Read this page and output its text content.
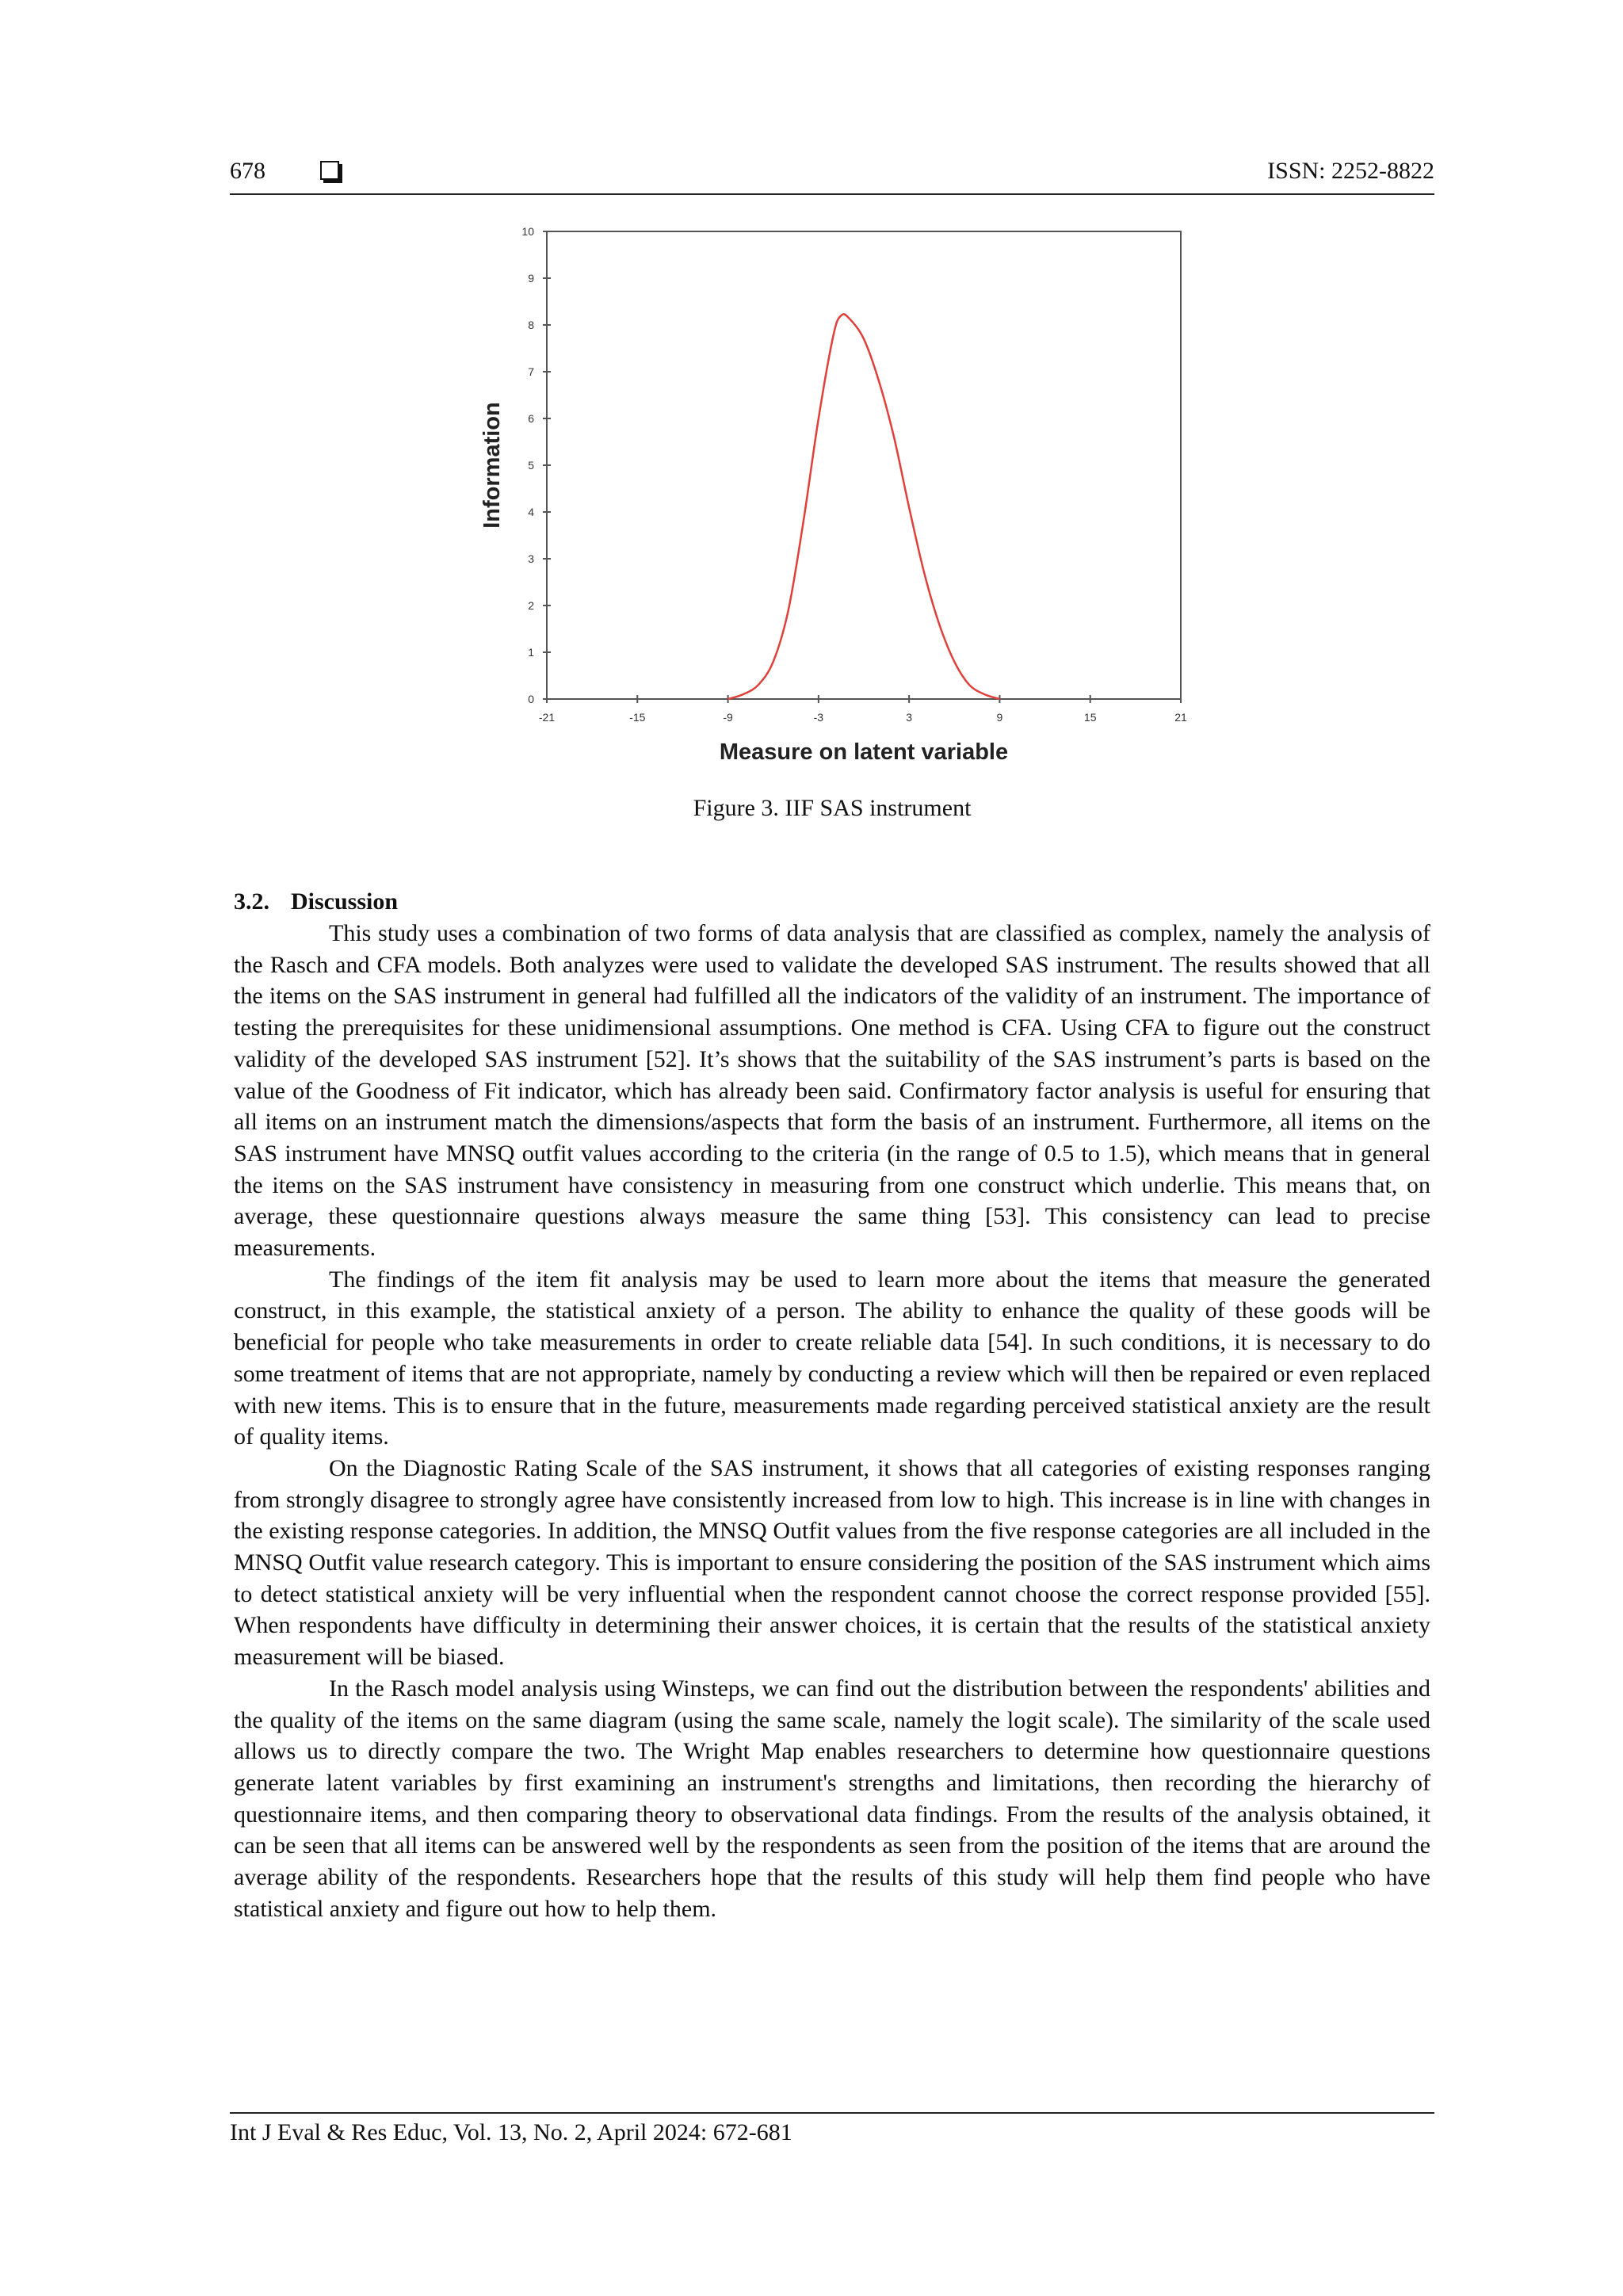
678	ISSN: 2252-8822
0
1
2
3
4
5
6
7
8
9
10
-21	-15	-9	-3	3	9	15	21
Measure on latent variable
Information
Figure 3. IIF SAS instrument
3.2. Discussion

This study uses a combination of two forms of data analysis that are classified as complex, namely the analysis of the Rasch and CFA models. Both analyzes were used to validate the developed SAS instrument. The results showed that all the items on the SAS instrument in general had fulfilled all the indicators of the validity of an instrument. The importance of testing the prerequisites for these unidimensional assumptions. One method is CFA. Using CFA to figure out the construct validity of the developed SAS instrument [52]. It’s shows that the suitability of the SAS instrument’s parts is based on the value of the Goodness of Fit indicator, which has already been said. Confirmatory factor analysis is useful for ensuring that all items on an instrument match the dimensions/aspects that form the basis of an instrument. Furthermore, all items on the SAS instrument have MNSQ outfit values according to the criteria (in the range of 0.5 to 1.5), which means that in general the items on the SAS instrument have consistency in measuring from one construct which underlie. This means that, on average, these questionnaire questions always measure the same thing [53]. This consistency can lead to precise measurements.

The findings of the item fit analysis may be used to learn more about the items that measure the generated construct, in this example, the statistical anxiety of a person. The ability to enhance the quality of these goods will be beneficial for people who take measurements in order to create reliable data [54]. In such conditions, it is necessary to do some treatment of items that are not appropriate, namely by conducting a review which will then be repaired or even replaced with new items. This is to ensure that in the future, measurements made regarding perceived statistical anxiety are the result of quality items.

On the Diagnostic Rating Scale of the SAS instrument, it shows that all categories of existing responses ranging from strongly disagree to strongly agree have consistently increased from low to high. This increase is in line with changes in the existing response categories. In addition, the MNSQ Outfit values from the five response categories are all included in the MNSQ Outfit value research category. This is important to ensure considering the position of the SAS instrument which aims to detect statistical anxiety will be very influential when the respondent cannot choose the correct response provided [55]. When respondents have difficulty in determining their answer choices, it is certain that the results of the statistical anxiety measurement will be biased.

In the Rasch model analysis using Winsteps, we can find out the distribution between the respondents' abilities and the quality of the items on the same diagram (using the same scale, namely the logit scale). The similarity of the scale used allows us to directly compare the two. The Wright Map enables researchers to determine how questionnaire questions generate latent variables by first examining an instrument's strengths and limitations, then recording the hierarchy of questionnaire items, and then comparing theory to observational data findings. From the results of the analysis obtained, it can be seen that all items can be answered well by the respondents as seen from the position of the items that are around the average ability of the respondents. Researchers hope that the results of this study will help them find people who have statistical anxiety and figure out how to help them.

Int J Eval & Res Educ, Vol. 13, No. 2, April 2024: 672-681
